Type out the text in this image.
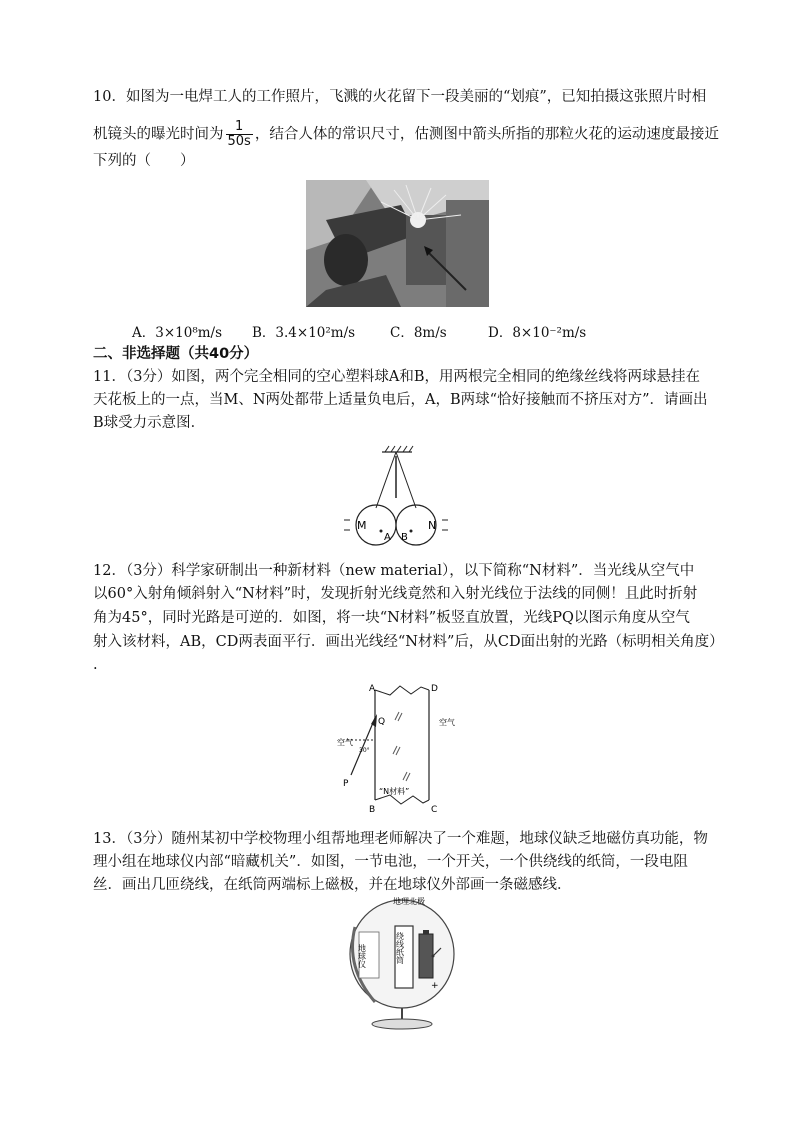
10．如图为一电焊工人的工作照片，飞溅的火花留下一段美丽的“划痕”，已知拍摄这张照片时相
机镜头的曝光时间为 $\frac{1}{50s}$ ，结合人体的常识尺寸，估测图中箭头所指的那粒火花的运动速度最接近
下列的（　　）
A．3×10⁸m/s B．3.4×10²m/s	C．8m/s	D．8×10⁻²m/s
二、非选择题（共40分）
11．（3分）如图，两个完全相同的空心塑料球A和B，用两根完全相同的绝缘丝线将两球悬挂在
天花板上的一点，当M、N两处都带上适量负电后，A，B两球“恰好接触而不挤压对方”．请画出
B球受力示意图．
M
A B
N
12．（3分）科学家研制出一种新材料（new material），以下简称“N材料”．当光线从空气中
以60°入射角倾斜射入“N材料”时，发现折射光线竟然和入射光线位于法线的同侧！且此时折射
角为45°，同时光路是可逆的．如图，将一块“N材料”板竖直放置，光线PQ以图示角度从空气
射入该材料，AB，CD两表面平行．画出光线经“N材料”后，从CD面出射的光路（标明相关角度）
.
A	D
Q
P
B	C
空气
空气
30°
“N材料”
13．（3分）随州某初中学校物理小组帮地理老师解决了一个难题，地球仪缺乏地磁仿真功能，物
理小组在地球仪内部“暗藏机关”．如图，一节电池，一个开关，一个供绕线的纸筒，一段电阻
丝．画出几匝绕线，在纸筒两端标上磁极，并在地球仪外部画一条磁感线．
地理北极
地球仪	绕线纸筒
+
